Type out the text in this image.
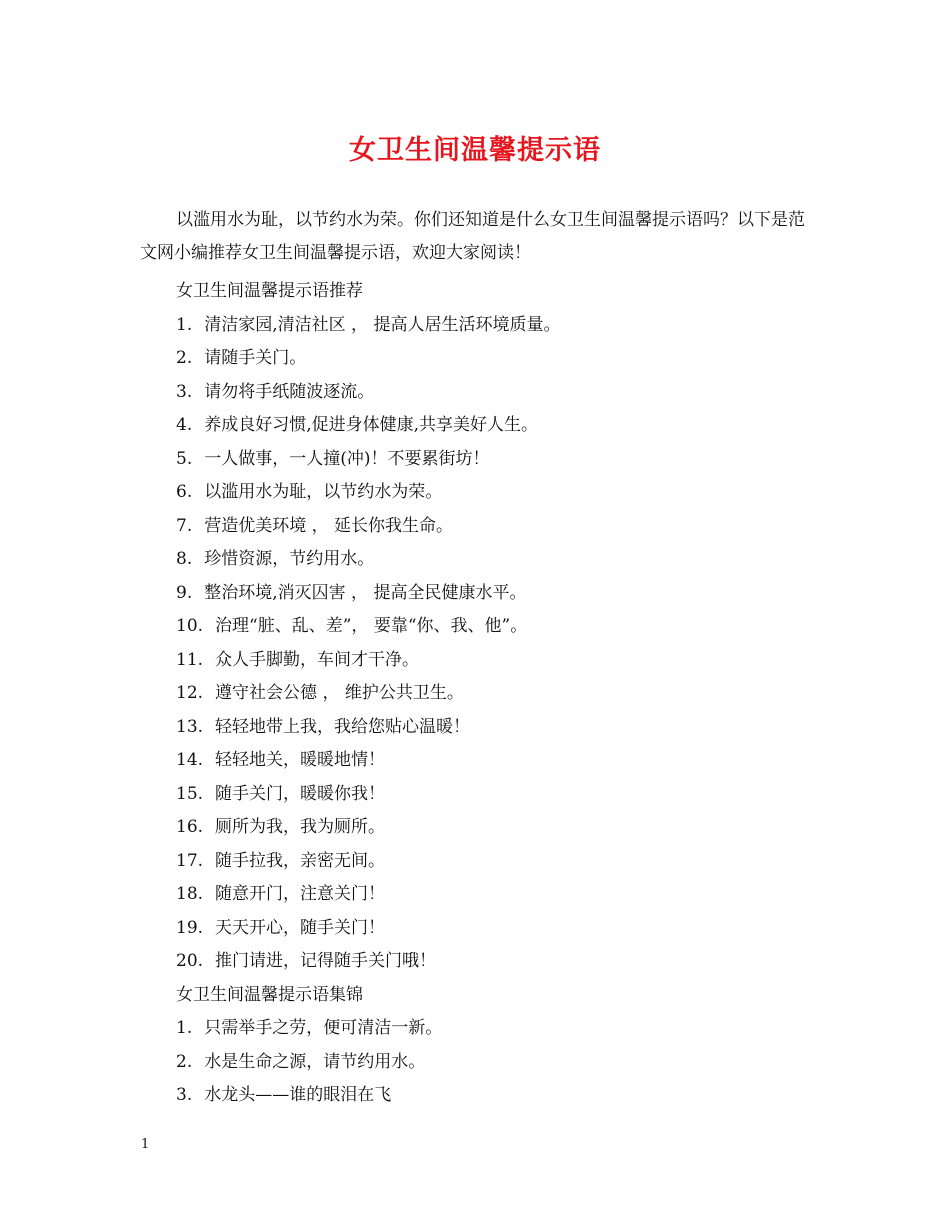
女卫生间温馨提示语

以滥用水为耻，以节约水为荣。你们还知道是什么女卫生间温馨提示语吗？以下是范文网小编推荐女卫生间温馨提示语，欢迎大家阅读！

女卫生间温馨提示语推荐
1. 清洁家园,清洁社区 ， 提高人居生活环境质量。
2. 请随手关门。
3. 请勿将手纸随波逐流。
4. 养成良好习惯,促进身体健康,共享美好人生。
5. 一人做事，一人撞(冲)！不要累街坊！
6. 以滥用水为耻，以节约水为荣。
7. 营造优美环境 ， 延长你我生命。
8. 珍惜资源，节约用水。
9. 整治环境,消灭囚害 ， 提高全民健康水平。
10. 治理“脏、乱、差”， 要靠“你、我、他”。
11. 众人手脚勤，车间才干净。
12. 遵守社会公德 ， 维护公共卫生。
13. 轻轻地带上我，我给您贴心温暖！
14. 轻轻地关，暖暖地情！
15. 随手关门，暖暖你我！
16. 厕所为我，我为厕所。
17. 随手拉我，亲密无间。
18. 随意开门，注意关门！
19. 天天开心，随手关门！
20. 推门请进，记得随手关门哦！
女卫生间温馨提示语集锦
1. 只需举手之劳，便可清洁一新。
2. 水是生命之源，请节约用水。
3. 水龙头——谁的眼泪在飞
1
